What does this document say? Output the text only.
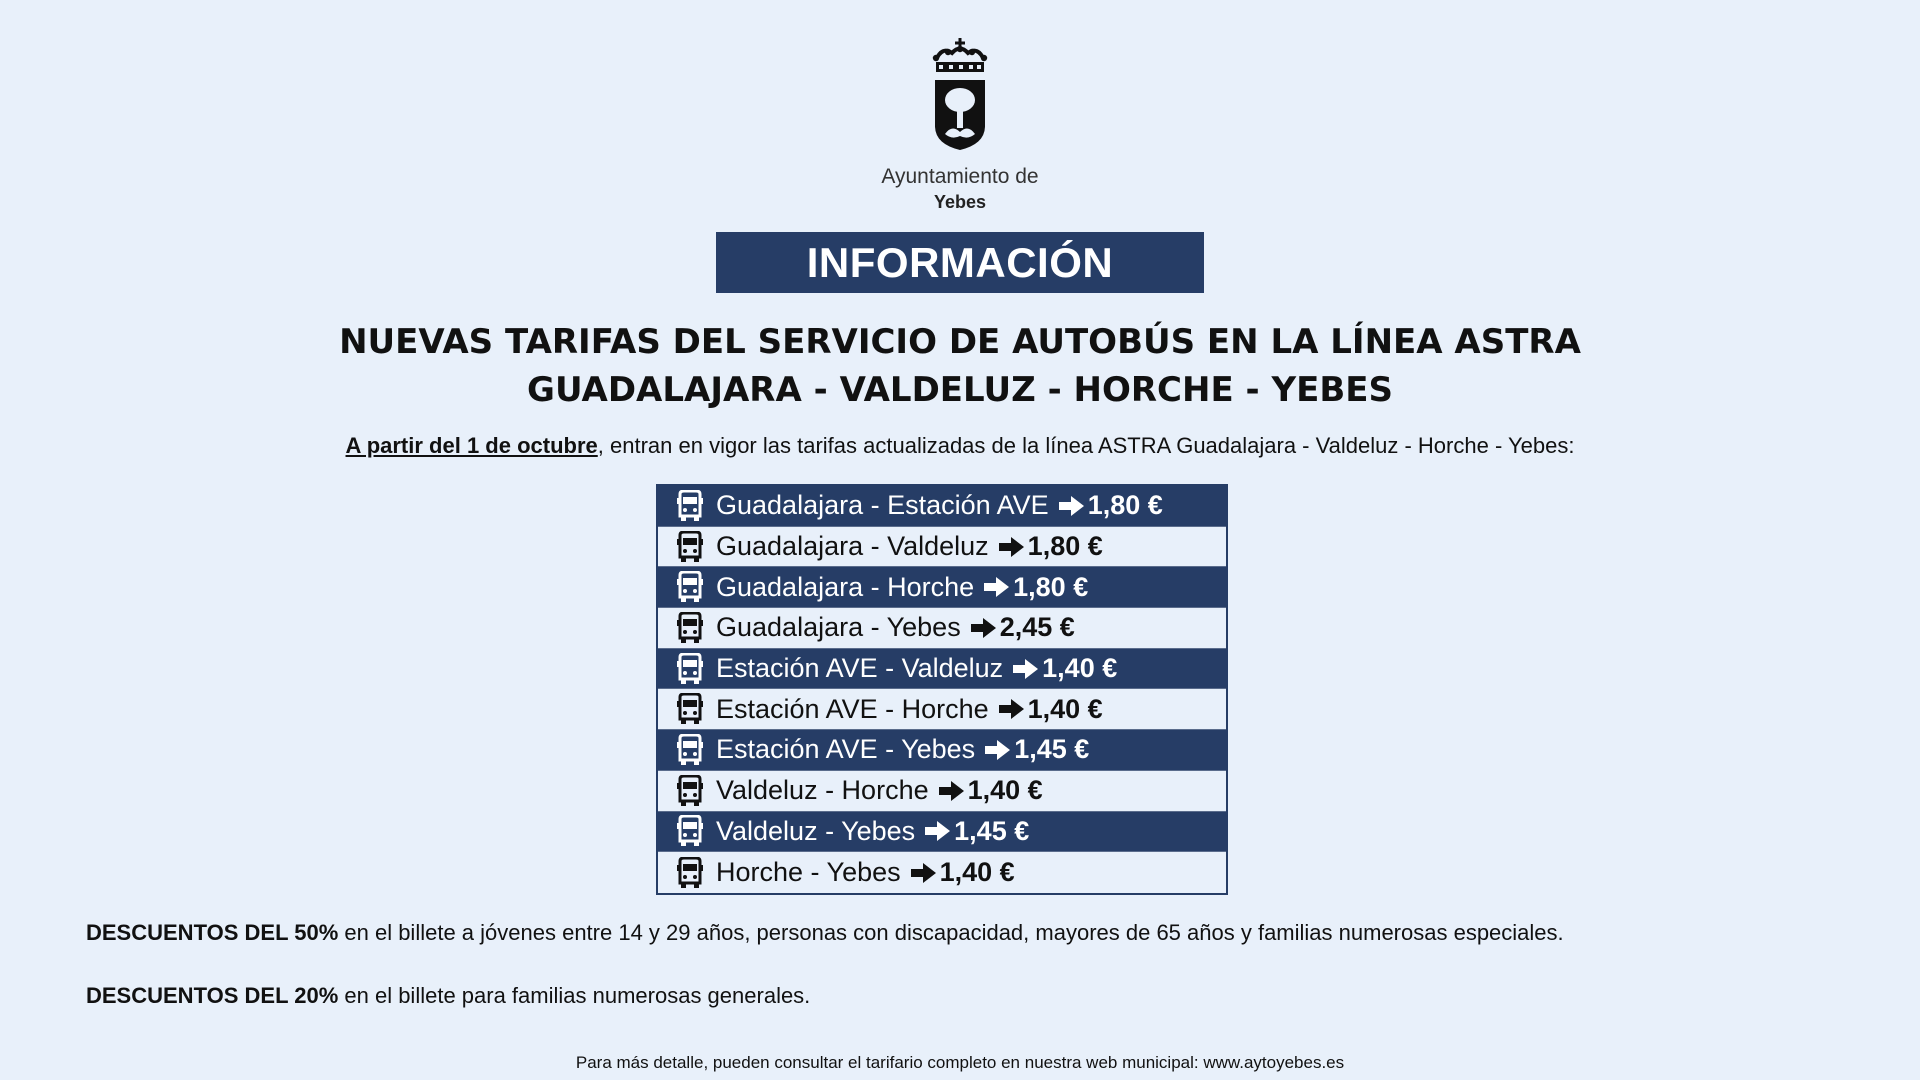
Ayuntamiento de
Yebes
INFORMACIÓN
NUEVAS TARIFAS DEL SERVICIO DE AUTOBÚS EN LA LÍNEA ASTRA
GUADALAJARA - VALDELUZ - HORCHE - YEBES
A partir del 1 de octubre, entran en vigor las tarifas actualizadas de la línea ASTRA Guadalajara - Valdeluz - Horche - Yebes:
Guadalajara - Estación AVE 1,80 €
Guadalajara - Valdeluz 1,80 €
Guadalajara - Horche 1,80 €
Guadalajara - Yebes 2,45 €
Estación AVE - Valdeluz 1,40 €
Estación AVE - Horche 1,40 €
Estación AVE - Yebes 1,45 €
Valdeluz - Horche 1,40 €
Valdeluz - Yebes 1,45 €
Horche - Yebes 1,40 €
DESCUENTOS DEL 50% en el billete a jóvenes entre 14 y 29 años, personas con discapacidad, mayores de 65 años y familias numerosas especiales.
DESCUENTOS DEL 20% en el billete para familias numerosas generales.
Para más detalle, pueden consultar el tarifario completo en nuestra web municipal: www.aytoyebes.es
